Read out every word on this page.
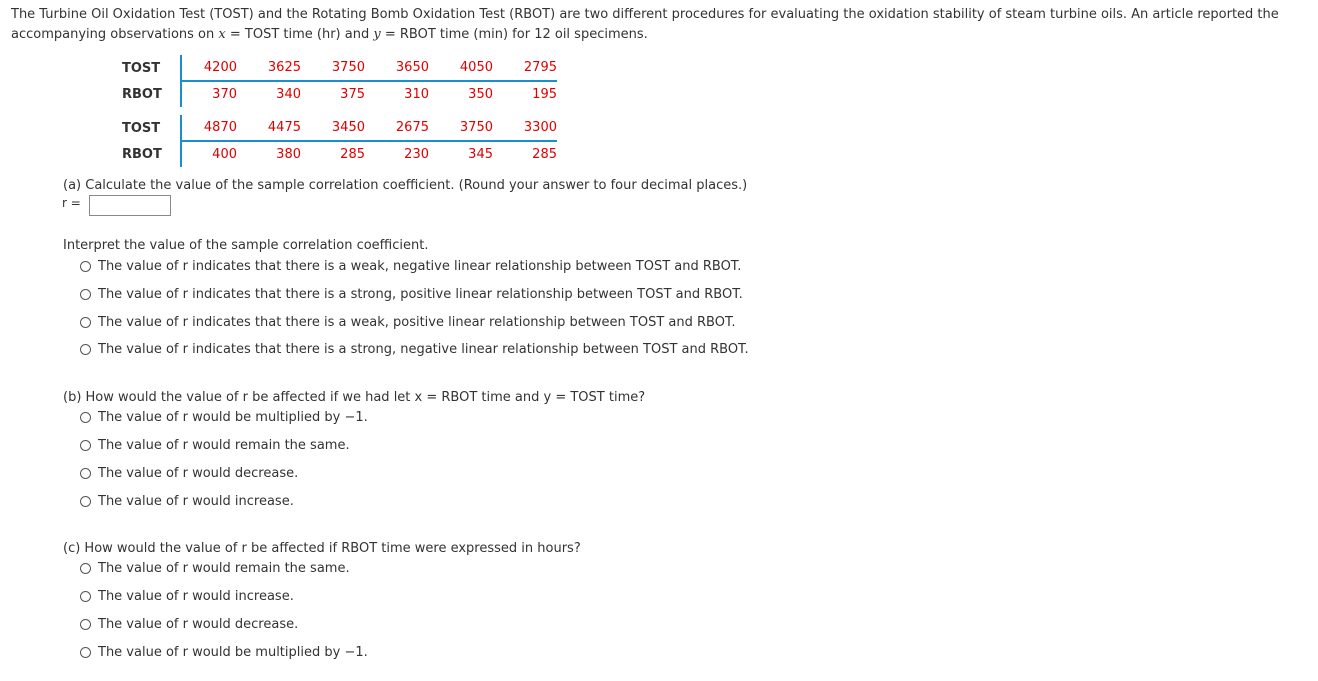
The Turbine Oil Oxidation Test (TOST) and the Rotating Bomb Oxidation Test (RBOT) are two different procedures for evaluating the oxidation stability of steam turbine oils. An article reported the
accompanying observations on x = TOST time (hr) and y = RBOT time (min) for 12 oil specimens.
TOST	4200	3625	3750	3650	4050	2795
RBOT	370	340	375	310	350	195
TOST	4870	4475	3450	2675	3750	3300
RBOT	400	380	285	230	345	285
(a) Calculate the value of the sample correlation coefficient. (Round your answer to four decimal places.)
r =
Interpret the value of the sample correlation coefficient.
The value of r indicates that there is a weak, negative linear relationship between TOST and RBOT.
The value of r indicates that there is a strong, positive linear relationship between TOST and RBOT.
The value of r indicates that there is a weak, positive linear relationship between TOST and RBOT.
The value of r indicates that there is a strong, negative linear relationship between TOST and RBOT.
(b) How would the value of r be affected if we had let x = RBOT time and y = TOST time?
The value of r would be multiplied by −1.
The value of r would remain the same.
The value of r would decrease.
The value of r would increase.
(c) How would the value of r be affected if RBOT time were expressed in hours?
The value of r would remain the same.
The value of r would increase.
The value of r would decrease.
The value of r would be multiplied by −1.
